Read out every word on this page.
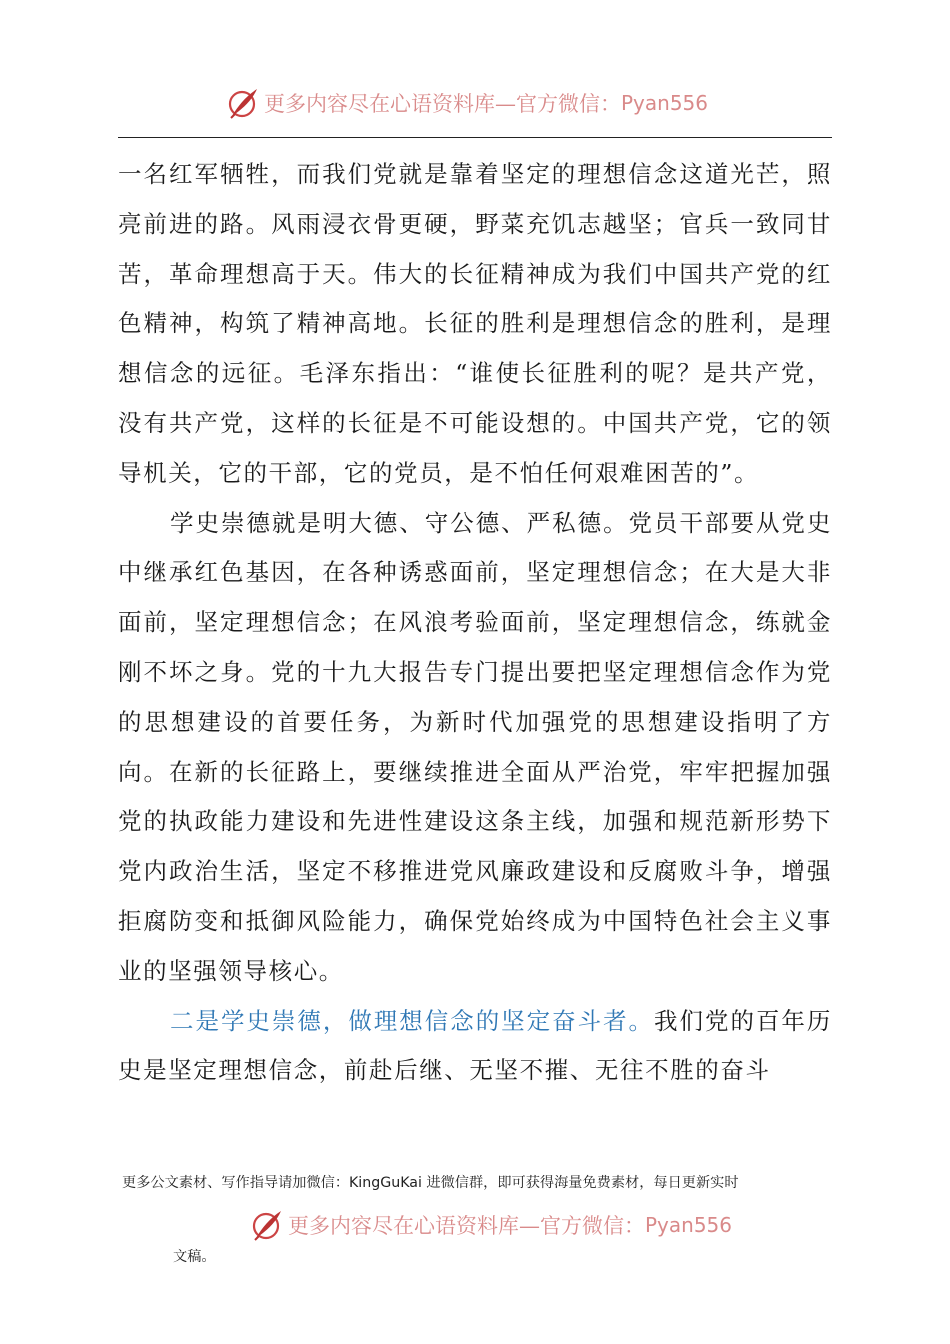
更多内容尽在心语资料库—官方微信： Pyan556

一名红军牺牲，而我们党就是靠着坚定的理想信念这道光芒，照亮前进的路。风雨浸衣骨更硬，野菜充饥志越坚；官兵一致同甘苦，革命理想高于天。伟大的长征精神成为我们中国共产党的红色精神，构筑了精神高地。长征的胜利是理想信念的胜利，是理想信念的远征。毛泽东指出：“谁使长征胜利的呢？是共产党，没有共产党，这样的长征是不可能设想的。中国共产党，它的领导机关，它的干部，它的党员，是不怕任何艰难困苦的”。

学史崇德就是明大德、守公德、严私德。党员干部要从党史中继承红色基因，在各种诱惑面前，坚定理想信念；在大是大非面前，坚定理想信念；在风浪考验面前，坚定理想信念，练就金刚不坏之身。党的十九大报告专门提出要把坚定理想信念作为党的思想建设的首要任务，为新时代加强党的思想建设指明了方向。在新的长征路上，要继续推进全面从严治党，牢牢把握加强党的执政能力建设和先进性建设这条主线，加强和规范新形势下党内政治生活，坚定不移推进党风廉政建设和反腐败斗争，增强拒腐防变和抵御风险能力，确保党始终成为中国特色社会主义事业的坚强领导核心。

二是学史崇德，做理想信念的坚定奋斗者。我们党的百年历史是坚定理想信念，前赴后继、无坚不摧、无往不胜的奋斗

更多公文素材、写作指导请加微信：KingGuKai 进微信群，即可获得海量免费素材，每日更新实时
更多内容尽在心语资料库—官方微信： Pyan556
文稿。
